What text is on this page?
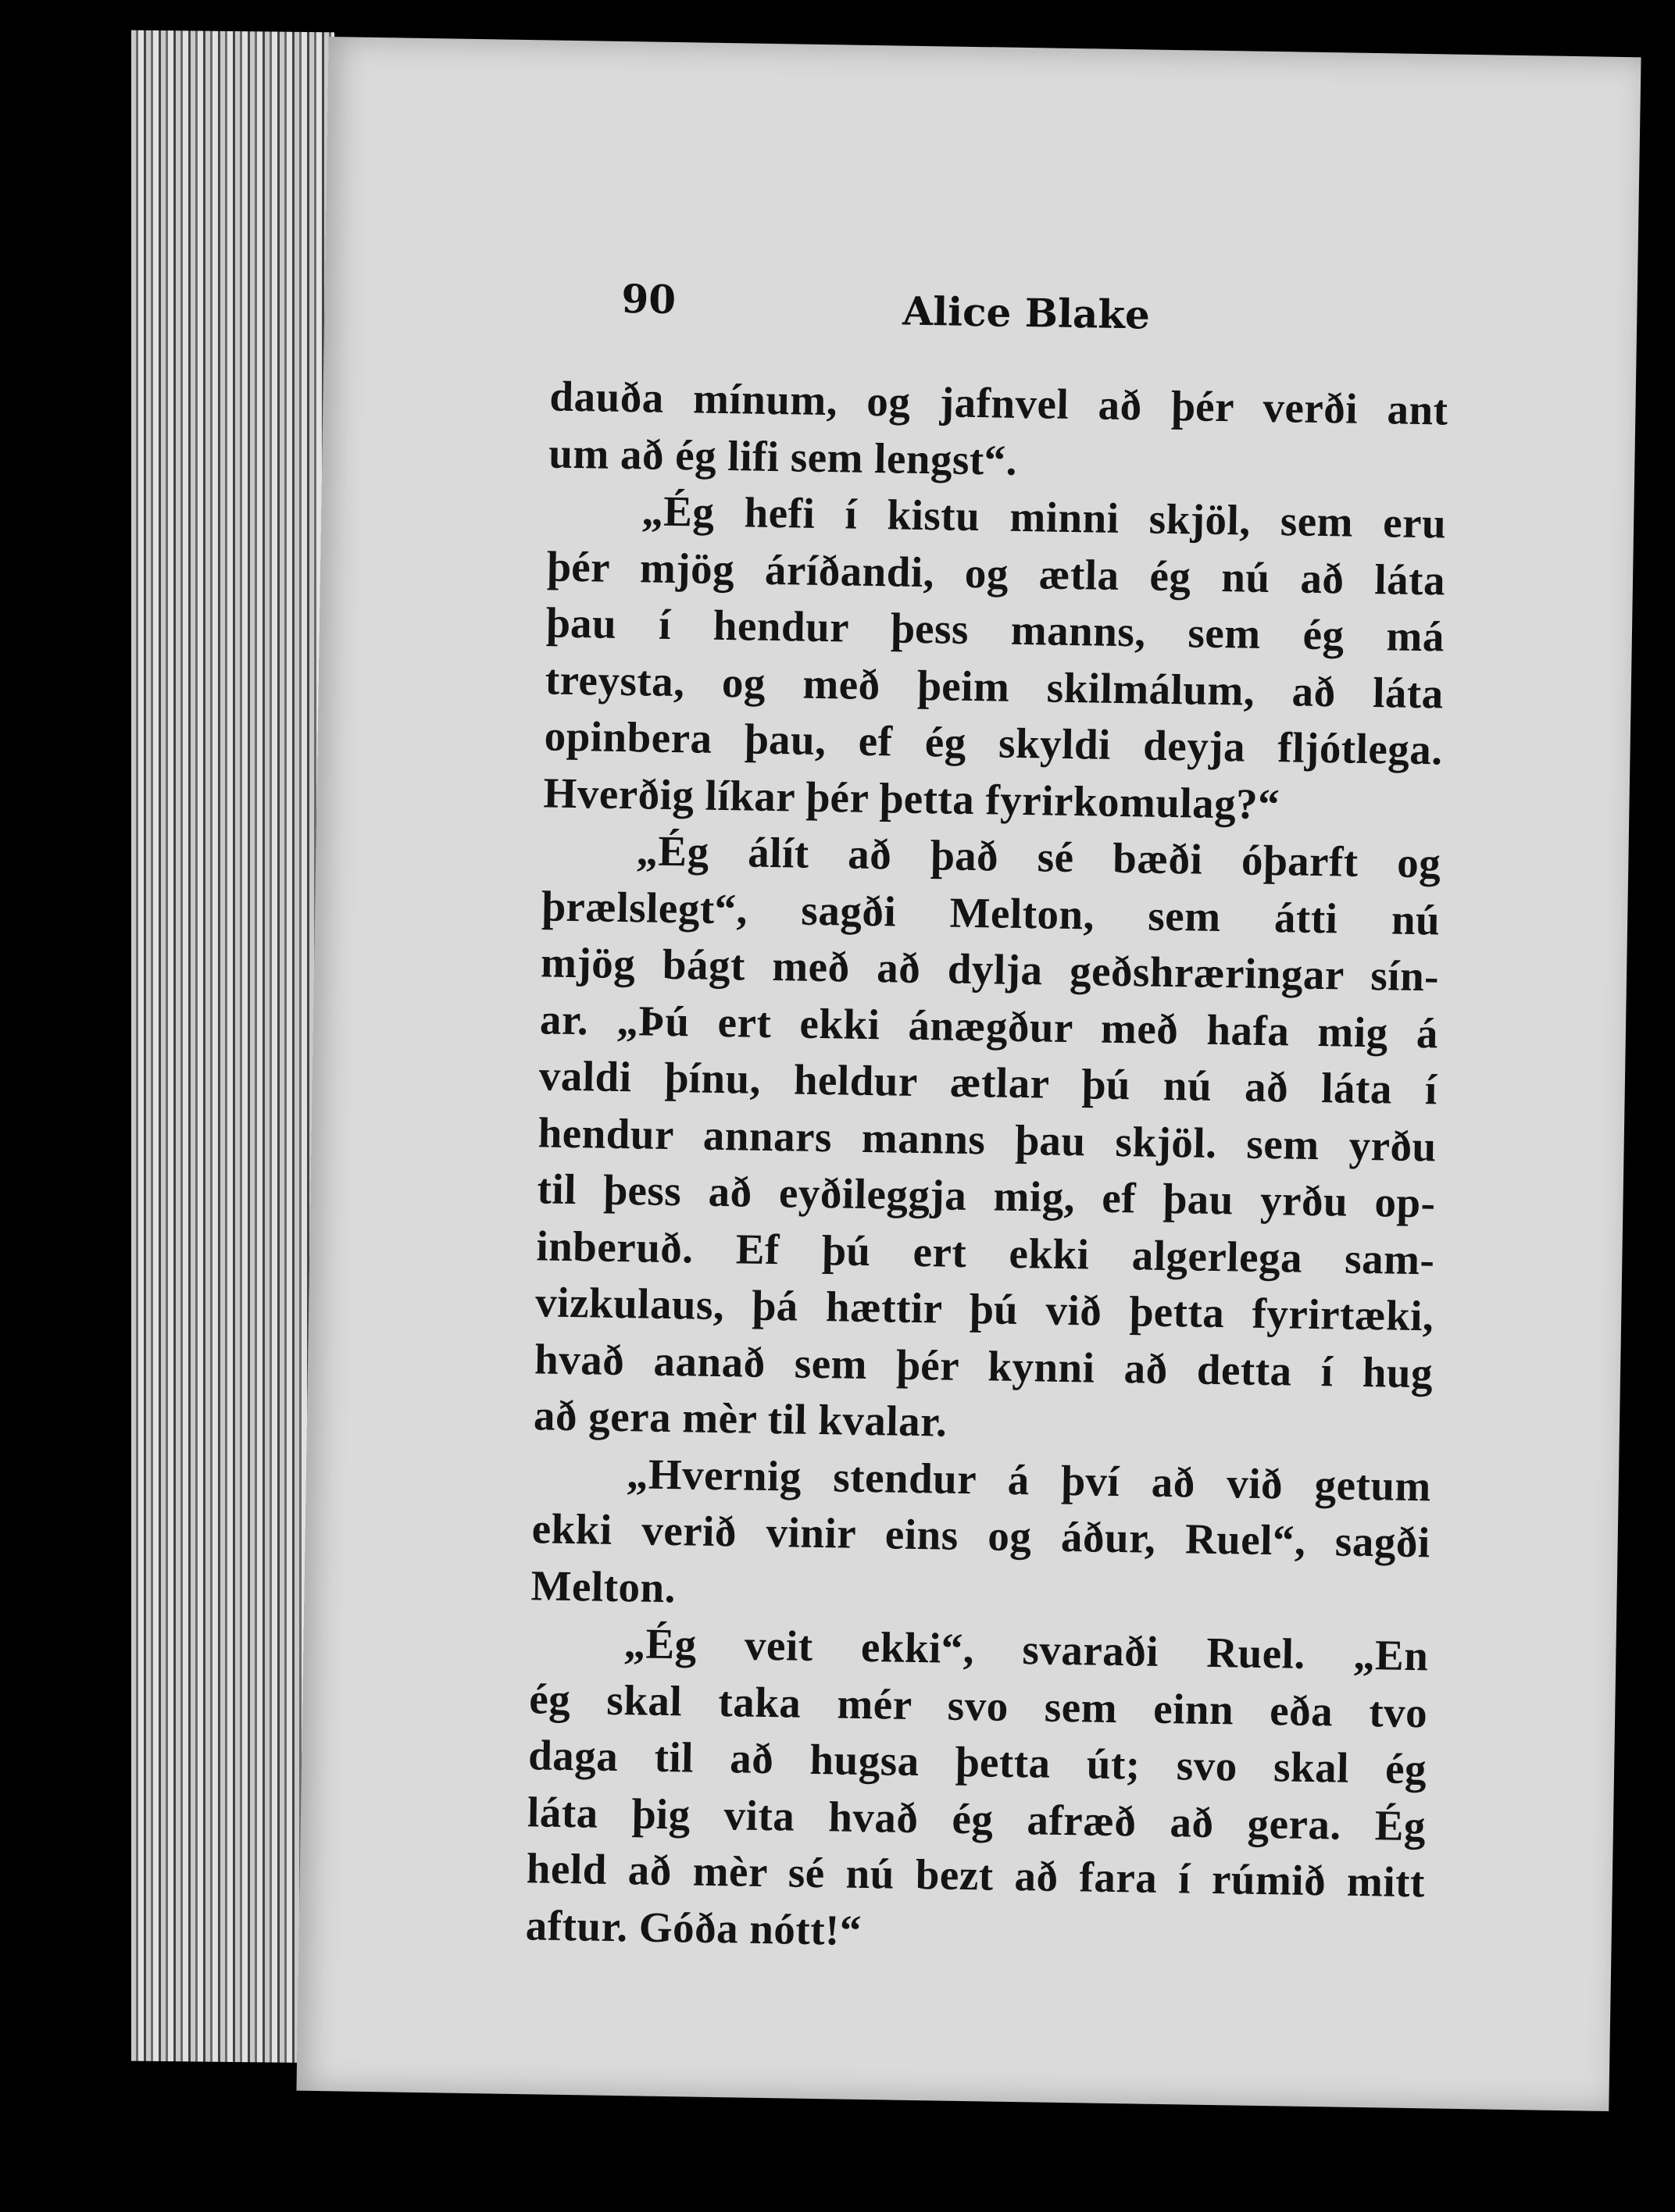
90	Alice Blake
dauða mínum, og jafnvel að þér verði ant
um að ég lifi sem lengst“.
„Ég hefi í kistu minni skjöl, sem eru
þér mjög áríðandi, og ætla ég nú að láta
þau í hendur þess manns, sem ég má
treysta, og með þeim skilmálum, að láta
opinbera þau, ef ég skyldi deyja fljótlega.
Hverðig líkar þér þetta fyrirkomulag?“
„Ég álít að það sé bæði óþarft og
þrælslegt“, sagði Melton, sem átti nú
mjög bágt með að dylja geðshræringar sín-
ar. „Þú ert ekki ánægður með hafa mig á
valdi þínu, heldur ætlar þú nú að láta í
hendur annars manns þau skjöl. sem yrðu
til þess að eyðileggja mig, ef þau yrðu op-
inberuð. Ef þú ert ekki algerlega sam-
vizkulaus, þá hættir þú við þetta fyrirtæki,
hvað aanað sem þér kynni að detta í hug
að gera mèr til kvalar.
„Hvernig stendur á því að við getum
ekki verið vinir eins og áður, Ruel“, sagði
Melton.
„Ég veit ekki“, svaraði Ruel. „En
ég skal taka mér svo sem einn eða tvo
daga til að hugsa þetta út; svo skal ég
láta þig vita hvað ég afræð að gera. Ég
held að mèr sé nú bezt að fara í rúmið mitt
aftur. Góða nótt!“
